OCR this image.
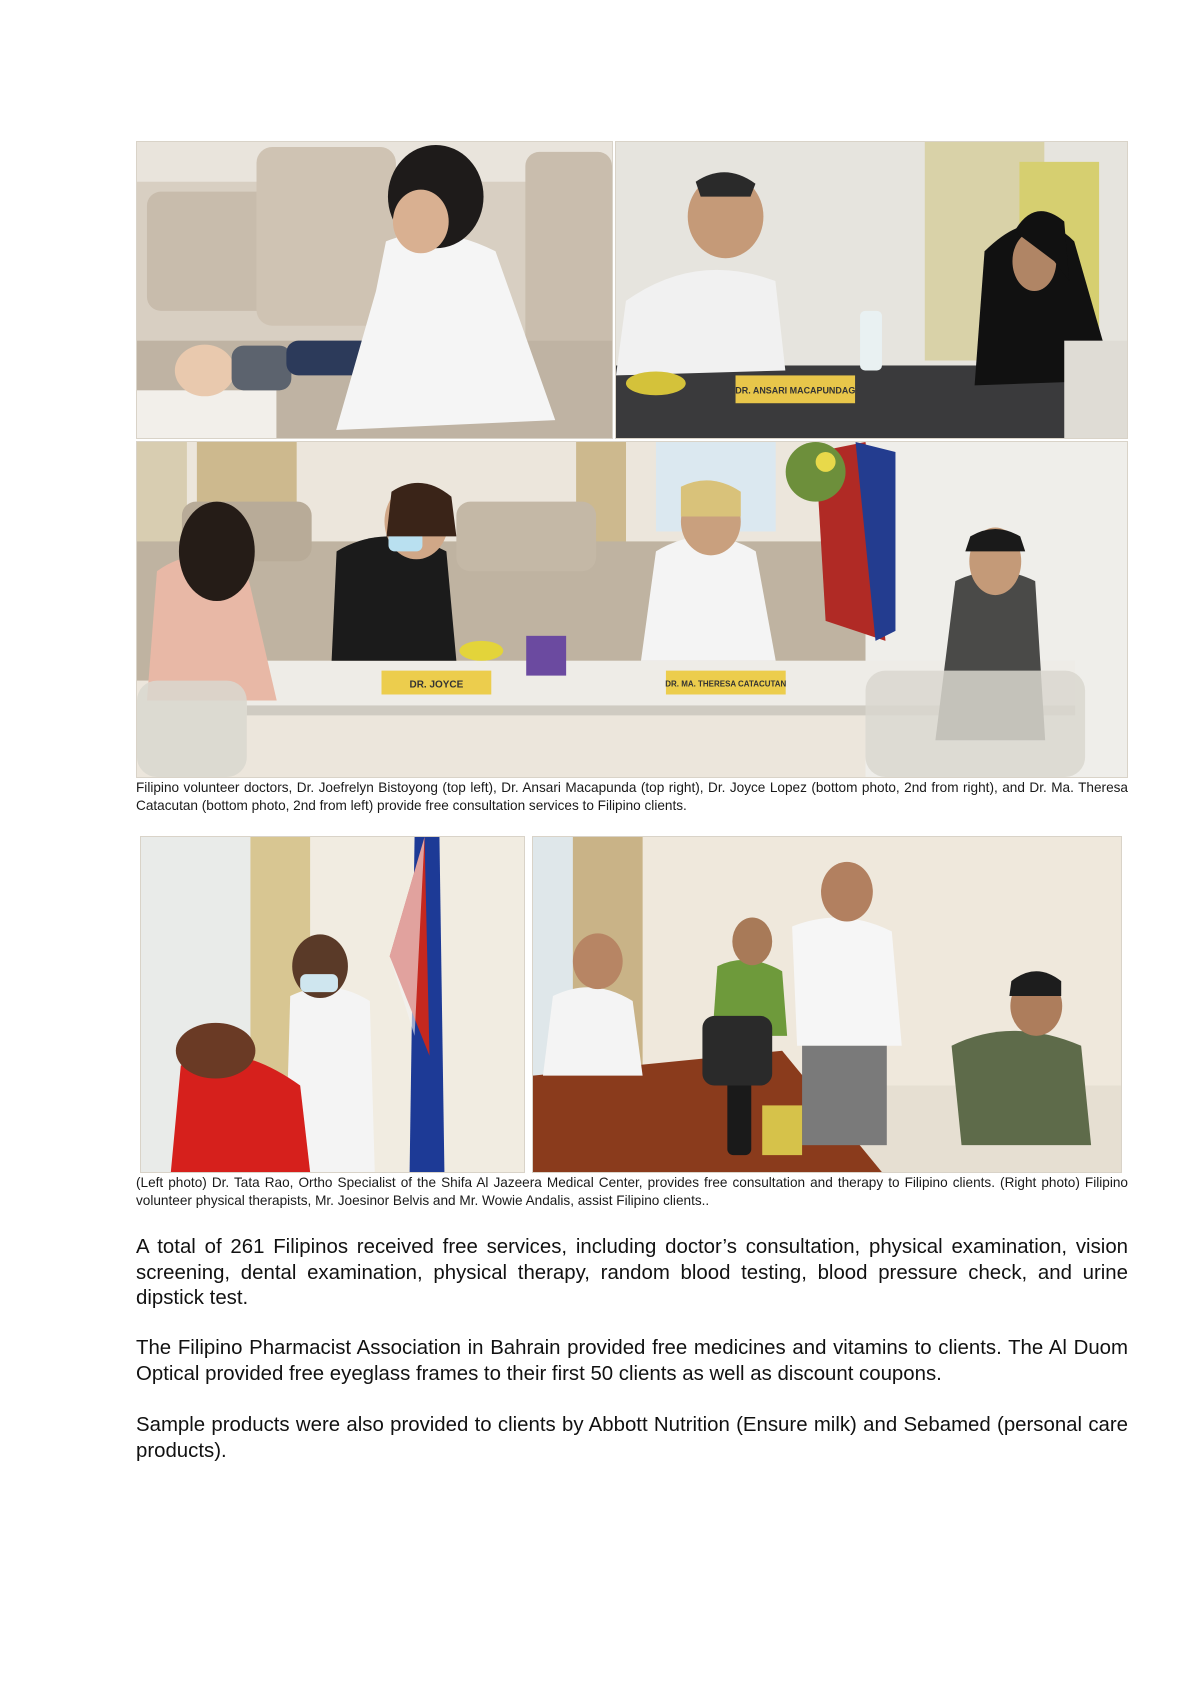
DR. ANSARI MACAPUNDAG
DR. JOYCE	DR. MA. THERESA CATACUTAN
Filipino volunteer doctors, Dr. Joefrelyn Bistoyong (top left), Dr. Ansari Macapunda (top right), Dr. Joyce Lopez (bottom photo, 2nd from right), and Dr. Ma. Theresa Catacutan (bottom photo, 2nd from left) provide free consultation services to Filipino clients.
(Left photo) Dr. Tata Rao, Ortho Specialist of the Shifa Al Jazeera Medical Center, provides free consultation and therapy to Filipino clients. (Right photo) Filipino volunteer physical therapists, Mr. Joesinor Belvis and Mr. Wowie Andalis, assist Filipino clients..

A total of 261 Filipinos received free services, including doctor’s consultation, physical examination, vision screening, dental examination, physical therapy, random blood testing, blood pressure check, and urine dipstick test.

The Filipino Pharmacist Association in Bahrain provided free medicines and vitamins to clients. The Al Duom Optical provided free eyeglass frames to their first 50 clients as well as discount coupons.

Sample products were also provided to clients by Abbott Nutrition (Ensure milk) and Sebamed (personal care products).
